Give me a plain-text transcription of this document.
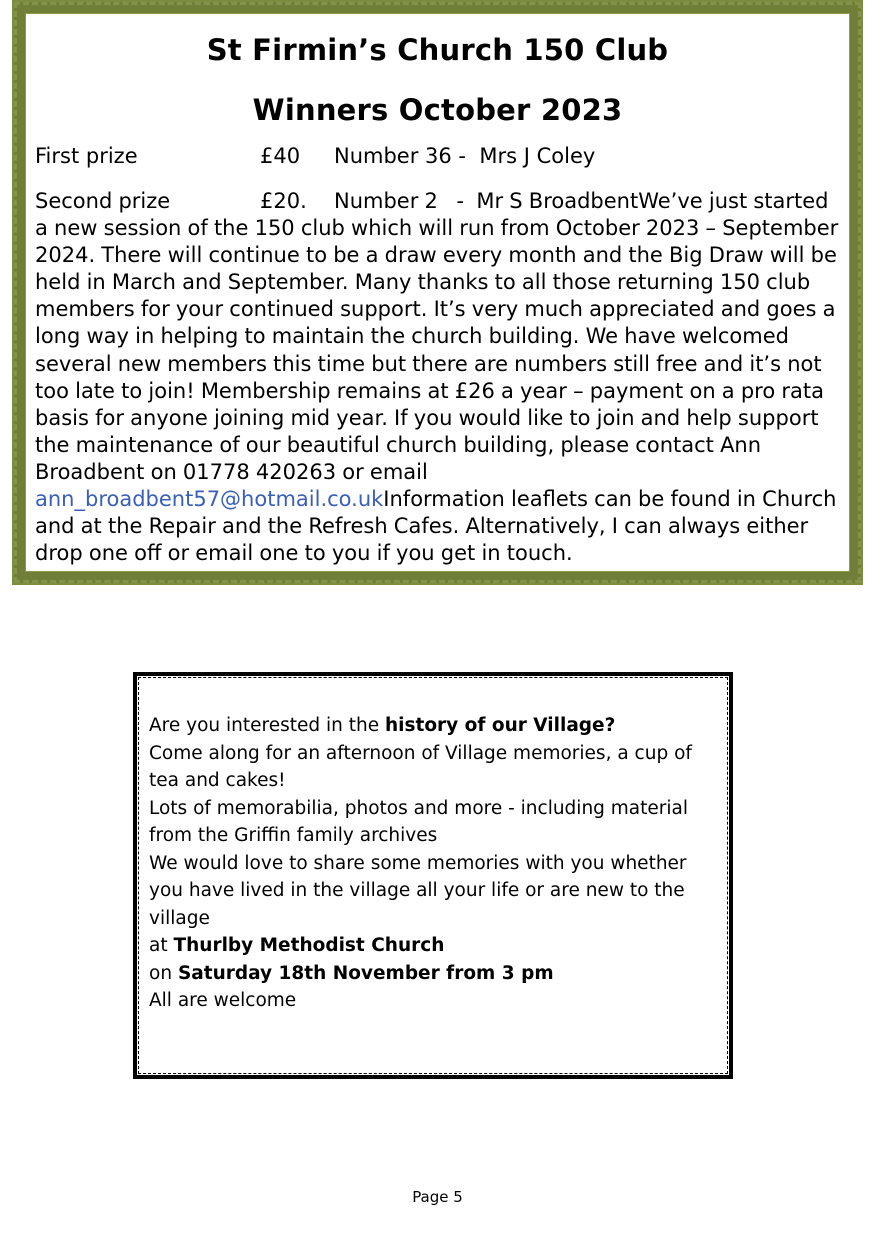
St Firmin’s Church 150 Club
Winners October 2023
First prize	£40 Number 36 -  Mrs J Coley
Second prize	£20. Number 2   -  Mr S BroadbentWe’ve just started a new session of the 150 club which will run from October 2023 – September 2024. There will continue to be a draw every month and the Big Draw will be held in March and September. Many thanks to all those returning 150 club members for your continued support. It’s very much appreciated and goes a long way in helping to maintain the church building. We have welcomed several new members this time but there are numbers still free and it’s not too late to join! Membership remains at £26 a year – payment on a pro rata basis for anyone joining mid year. If you would like to join and help support the maintenance of our beautiful church building, please contact Ann Broadbent on 01778 420263 or email ann_broadbent57@hotmail.co.ukInformation leaflets can be found in Church and at the Repair and the Refresh Cafes. Alternatively, I can always either drop one off or email one to you if you get in touch.
Are you interested in the history of our Village?
Come along for an afternoon of Village memories, a cup of tea and cakes!
Lots of memorabilia, photos and more - including material from the Griffin family archives
We would love to share some memories with you whether you have lived in the village all your life or are new to the village
at Thurlby Methodist Church
on Saturday 18th November from 3 pm
All are welcome
Page 5
